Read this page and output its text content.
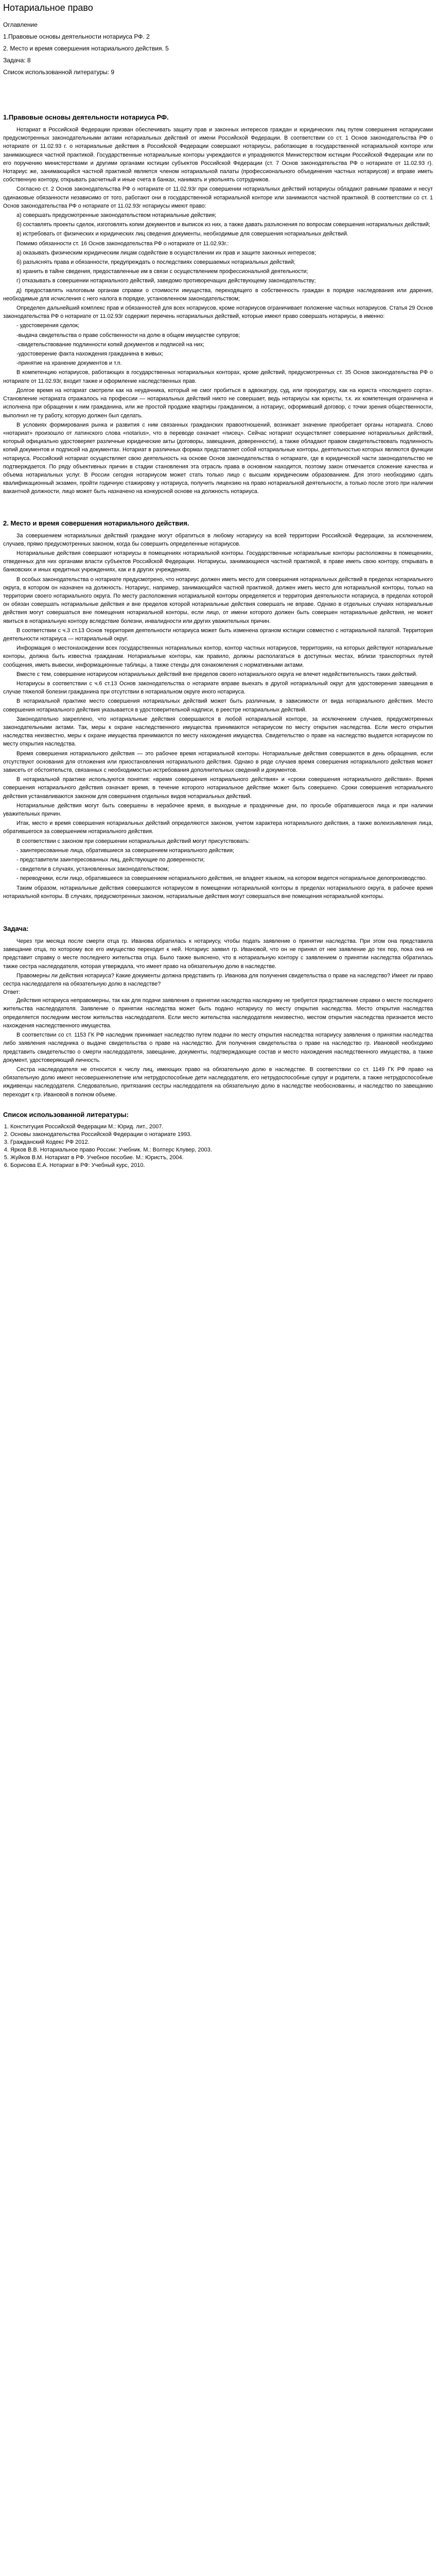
Нотариальное право
Оглавление
1.Правовые основы деятельности нотариуса РФ. 2
2. Место и время совершения нотариального действия. 5
Задача: 8
Список использованной литературы: 9
1.Правовые основы деятельности нотариуса РФ.

Нотариат в Российской Федерации призван обеспечивать защиту прав и законных интересов граждан и юридических лиц путем совершения нотариусами предусмотренных законодательными актами нотариальных действий от имени Российской Федерации. В соответствии со ст. 1 Основ законодательства РФ о нотариате от 11.02.93 г. о нотариальные действия в Российской Федерации совершают нотариусы, работающие в государственной нотариальной конторе или занимающиеся частной практикой. Государственные нотариальные конторы учреждаются и упраздняются Министерством юстиции Российской Федерации или по его поручению министерствами и другими органами юстиции субъектов Российской Федерации (ст. 7 Основ законодательства РФ о нотариате от 11.02.93 г). Нотариус же, занимающийся частной практикой является членом нотариальной палаты (профессионального объединения частных нотариусов) и вправе иметь собственную контору, открывать расчетный и иные счета в банках, нанимать и увольнять сотрудников.

Согласно ст. 2 Основ законодательства РФ о нотариате от 11.02.93г при совершении нотариальных действий нотариусы обладают равными правами и несут одинаковые обязанности независимо от того, работают они в государственной нотариальной конторе или занимаются частной практикой. В соответствии со ст. 1 Основ законодательства РФ о нотариате от 11.02.93г нотариусы имеют право:

а) совершать предусмотренные законодательством нотариальные действия;

б) составлять проекты сделок, изготовлять копии документов и выписок из них, а также давать разъяснения по вопросам совершения нотариальных действий;

в) истребовать от физических и юридических лиц сведения документы, необходимые для совершения нотариальных действий.

Помимо обязанности ст. 16 Основ законодательства РФ о нотариате от 11.02.93г.:

а) оказывать физическим юридическим лицам содействие в осуществлении их прав и защите законных интересов;

б) разъяснять права и обязанности, предупреждать о последствиях совершаемых нотариальных действий;

в) хранить в тайне сведения, предоставленные им в связи с осуществлением профессиональной деятельности;

г) отказывать в совершении нотариального действий, заведомо противоречащих действующему законодательству;

д) предоставлять налоговым органам справки о стоимости имущества, переходящего в собственность граждан в порядке наследования или дарения, необходимые для исчисления с него налога в порядке, установленном законодательством;

Определен дальнейший комплекс прав и обязанностей для всех нотариусов, кроме нотариусов ограничивает положение частных нотариусов. Статья 29 Основ законодательства РФ о нотариате от 11.02.93г содержит перечень нотариальных действий, которые имеют право совершать нотариусы, в именно:

- удостоверения сделок;

-выдача свидетельства о праве собственности на долю в общем имуществе супругов;

-свидетельствование подлинности копий документов и подписей на них;

-удостоверение факта нахождения гражданина в живых;

-принятие на хранение документов и т.п.

В компетенцию нотариусов, работающих в государственных нотариальных конторах, кроме действий, предусмотренных ст. 35 Основ законодательства РФ о нотариате от 11.02.93г, входит также и оформление наследственных прав.

Долгое время на нотариат смотрели как на неудачника, который не смог пробиться в адвокатуру, суд, или прокуратуру, как на юриста «последнего сорта». Становление нотариата отражалось на профессии — нотариальных действий никто не совершает, ведь нотариусы как юристы, т.к. их компетенция ограничена и исполнена при обращении к ним гражданина, или же простой продаже квартиры гражданином, а нотариус, оформивший договор, с точки зрения общественности, выполнил не ту работу, которую должен был сделать.

В условиях формирования рынка и развития с ним связанных гражданских правоотношений, возникает значение приобретает органы нотариата. Слово «нотариат» произошло от латинского слова «notarius», что в переводе означает «писец». Сейчас нотариат осуществляет совершение нотариальных действий, который официально удостоверяет различные юридические акты (договоры, завещания, доверенности), а также обладают правом свидетельствовать подлинность копий документов и подписей на документах. Нотариат в различных формах представляет собой нотариальные конторы, деятельностью которых являются функции нотариуса. Российский нотариат осуществляет свою деятельность на основе Основ законодательства о нотариате, где в юридической части законодательство не подтверждается. По ряду объективных причин в стадии становления эта отрасль права в основном находится, поэтому закон отмечается сложение качества и объема нотариальных услуг. В России сегодня нотариусом может стать только лицо с высшим юридическим образованием. Для этого необходимо сдать квалификационный экзамен, пройти годичную стажировку у нотариуса, получить лицензию на право нотариальной деятельности, а только после этого при наличии вакантной должности, лицо может быть назначено на конкурсной основе на должность нотариуса.

2. Место и время совершения нотариального действия.

За совершением нотариальных действий граждане могут обратиться в любому нотариусу на всей территории Российской Федерации, за исключением, случаев, прямо предусмотренных законом, когда бы совершить определенные нотариусов.

Нотариальные действия совершают нотариусы в помещениях нотариальной конторы. Государственные нотариальные конторы расположены в помещениях, отведенных для них органами власти субъектов Российской Федерации. Нотариусы, занимающиеся частной практикой, в праве иметь свою контору, открывать в банковских и иных кредитных учреждениях, как и в других учреждениях.

В особых законодательства о нотариате предусмотрено, что нотариус должен иметь место для совершения нотариальных действий в пределах нотариального округа, в котором он назначен на должность. Нотариус, например, занимающийся частной практикой, должен иметь место для нотариальной конторы, только на территории своего нотариального округа. По месту расположения нотариальной конторы определяется и территория деятельности нотариуса, в пределах которой он обязан совершать нотариальные действия и вне пределов которой нотариальные действия совершать не вправе. Однако в отдельных случаях нотариальные действия могут совершаться вне помещения нотариальной конторы, если лицо, от имени которого должен быть совершен нотариальные действия, не может явиться в нотариальную контору вследствие болезни, инвалидности или других уважительных причин.

В соответствии с ч.3 ст.13 Основ территория деятельности нотариуса может быть изменена органом юстиции совместно с нотариальной палатой. Территория деятельности нотариуса — нотариальный округ.

Информация о местонахождении всех государственных нотариальных контор, контор частных нотариусов, территориях, на которых действуют нотариальные конторы, должна быть известна гражданам. Нотариальные конторы, как правило, должны располагаться в доступных местах, вблизи транспортных путей сообщения, иметь вывески, информационные таблицы, а также стенды для ознакомления с нормативными актами.

Вместе с тем, совершение нотариусом нотариальных действий вне пределов своего нотариального округа не влечет недействительность таких действий.

Нотариусы в соответствии с ч.6 ст.13 Основ законодательства о нотариате вправе выехать в другой нотариальный округ для удостоверения завещания в случае тяжелой болезни гражданина при отсутствии в нотариальном округе иного нотариуса.

В нотариальной практике место совершения нотариальных действий может быть различным, в зависимости от вида нотариального действия. Место совершения нотариального действия указывается в удостоверительной надписи, в реестре нотариальных действий.

Законодательно закреплено, что нотариальные действия совершаются в любой нотариальной конторе, за исключением случаев, предусмотренных законодательными актами. Так, меры к охране наследственного имущества принимаются нотариусом по месту открытия наследства. Если место открытия наследства неизвестно, меры к охране имущества принимаются по месту нахождения имущества. Свидетельство о праве на наследство выдается нотариусом по месту открытия наследства.

Время совершения нотариального действия — это рабочее время нотариальной конторы. Нотариальные действия совершаются в день обращения, если отсутствуют основания для отложения или приостановления нотариального действия. Однако в ряде случаев время совершения нотариального действия может зависеть от обстоятельств, связанных с необходимостью истребования дополнительных сведений и документов.

В нотариальной практике используются понятия: «время совершения нотариального действия» и «сроки совершения нотариального действия». Время совершения нотариального действия означает время, в течение которого нотариальное действие может быть совершено. Сроки совершения нотариального действия устанавливаются законом для совершения отдельных видов нотариальных действий.

Нотариальные действия могут быть совершены в нерабочее время, в выходные и праздничные дни, по просьбе обратившегося лица и при наличии уважительных причин.

Итак, место и время совершения нотариальных действий определяются законом, учетом характера нотариального действия, а также волеизъявления лица, обратившегося за совершением нотариального действия.

В соответствии с законом при совершении нотариальных действий могут присутствовать:

- заинтересованные лица, обратившиеся за совершением нотариального действия;

- представители заинтересованных лиц, действующие по доверенности;

- свидетели в случаях, установленных законодательством;

- переводчики, если лицо, обратившееся за совершением нотариального действия, не владеет языком, на котором ведется нотариальное делопроизводство.

Таким образом, нотариальные действия совершаются нотариусом в помещении нотариальной конторы в пределах нотариального округа, в рабочее время нотариальной конторы. В случаях, предусмотренных законом, нотариальные действия могут совершаться вне помещения нотариальной конторы.

Задача:

Через три месяца после смерти отца гр. Иванова обратилась к нотариусу, чтобы подать заявление о принятии наследства. При этом она представила завещание отца, по которому все его имущество переходит к ней. Нотариус заявил гр. Ивановой, что он не принял от нее заявление до тех пор, пока она не представит справку о месте последнего жительства отца. Было также выяснено, что в нотариальную контору с заявлением о принятии наследства обратилась также сестра наследодателя, которая утверждала, что имеет право на обязательную долю в наследстве.

Правомерны ли действия нотариуса? Какие документы должна представить гр. Иванова для получения свидетельства о праве на наследство? Имеет ли право сестра наследодателя на обязательную долю в наследстве?

Ответ:

Действия нотариуса неправомерны, так как для подачи заявления о принятии наследства наследнику не требуется представление справки о месте последнего жительства наследодателя. Заявление о принятии наследства может быть подано нотариусу по месту открытия наследства. Место открытия наследства определяется последним местом жительства наследодателя. Если место жительства наследодателя неизвестно, местом открытия наследства признается место нахождения наследственного имущества.

В соответствии со ст. 1153 ГК РФ наследник принимает наследство путем подачи по месту открытия наследства нотариусу заявления о принятии наследства либо заявления наследника о выдаче свидетельства о праве на наследство. Для получения свидетельства о праве на наследство гр. Ивановой необходимо представить свидетельство о смерти наследодателя, завещание, документы, подтверждающие состав и место нахождения наследственного имущества, а также документ, удостоверяющий личность.

Сестра наследодателя не относится к числу лиц, имеющих право на обязательную долю в наследстве. В соответствии со ст. 1149 ГК РФ право на обязательную долю имеют несовершеннолетние или нетрудоспособные дети наследодателя, его нетрудоспособные супруг и родители, а также нетрудоспособные иждивенцы наследодателя. Следовательно, притязания сестры наследодателя на обязательную долю в наследстве необоснованны, и наследство по завещанию переходит к гр. Ивановой в полном объеме.

Список использованной литературы:
1. Конституция Российской Федерации М.: Юрид. лит., 2007.
2. Основы законодательства Российской Федерации о нотариате 1993.
3. Гражданский Кодекс РФ 2012.
4. Ярков В.В. Нотариальное право России: Учебник. М.: Волтерс Клувер, 2003.
5. Жуйков В.М. Нотариат в РФ. Учебное пособие. М.: Юристъ, 2004.
6. Борисова Е.А. Нотариат в РФ: Учебный курс, 2010.
